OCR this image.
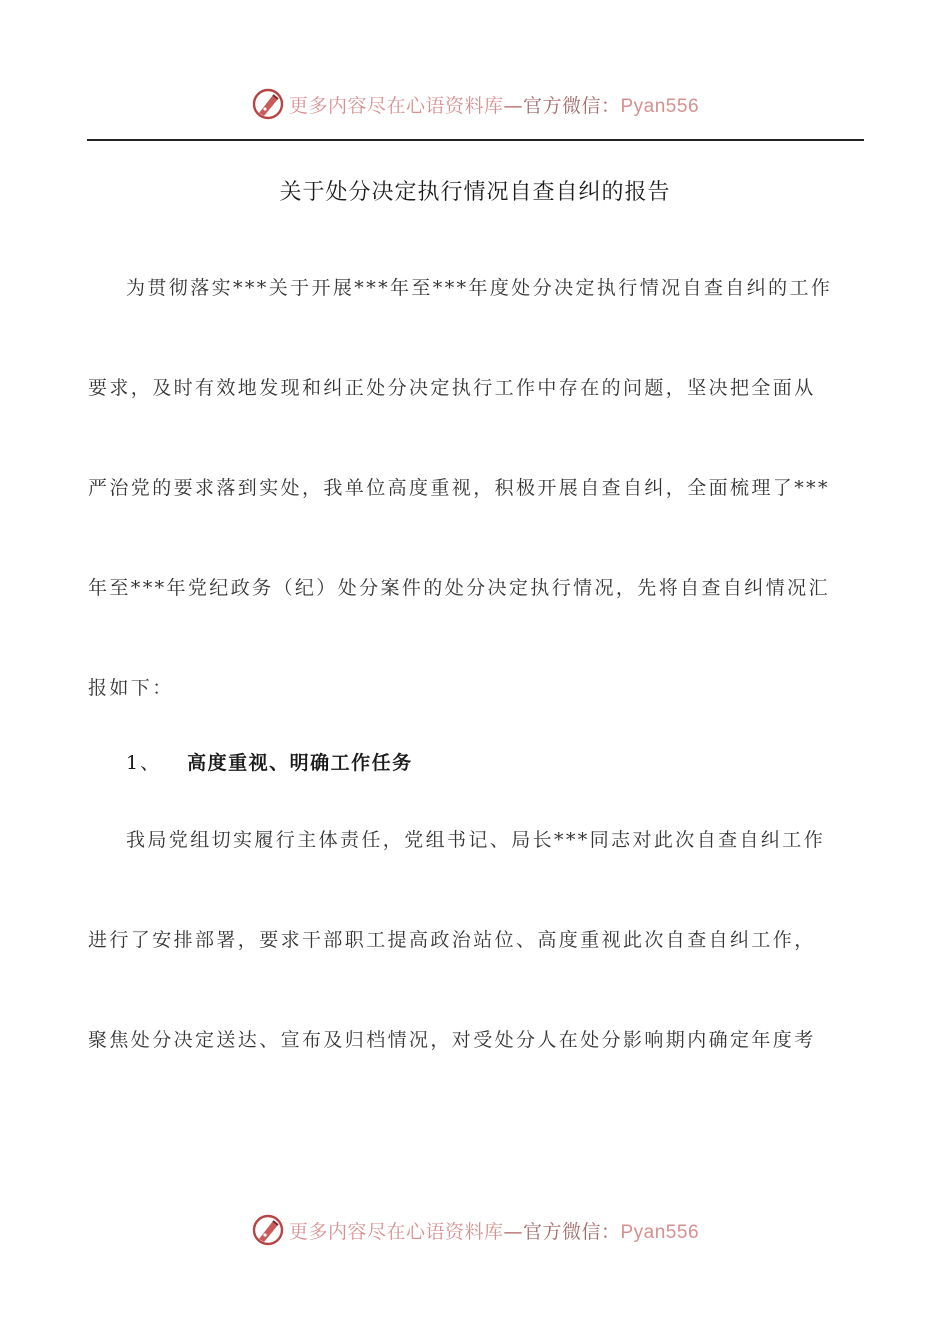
更多内容尽在心语资料库—官方微信：Pyan556
关于处分决定执行情况自查自纠的报告
为贯彻落实***关于开展***年至***年度处分决定执行情况自查自纠的工作
要求，及时有效地发现和纠正处分决定执行工作中存在的问题，坚决把全面从
严治党的要求落到实处，我单位高度重视，积极开展自查自纠，全面梳理了***
年至***年党纪政务（纪）处分案件的处分决定执行情况，先将自查自纠情况汇
报如下：
1、 高度重视、明确工作任务
我局党组切实履行主体责任，党组书记、局长***同志对此次自查自纠工作
进行了安排部署，要求干部职工提高政治站位、高度重视此次自查自纠工作，
聚焦处分决定送达、宣布及归档情况，对受处分人在处分影响期内确定年度考
更多内容尽在心语资料库—官方微信：Pyan556
